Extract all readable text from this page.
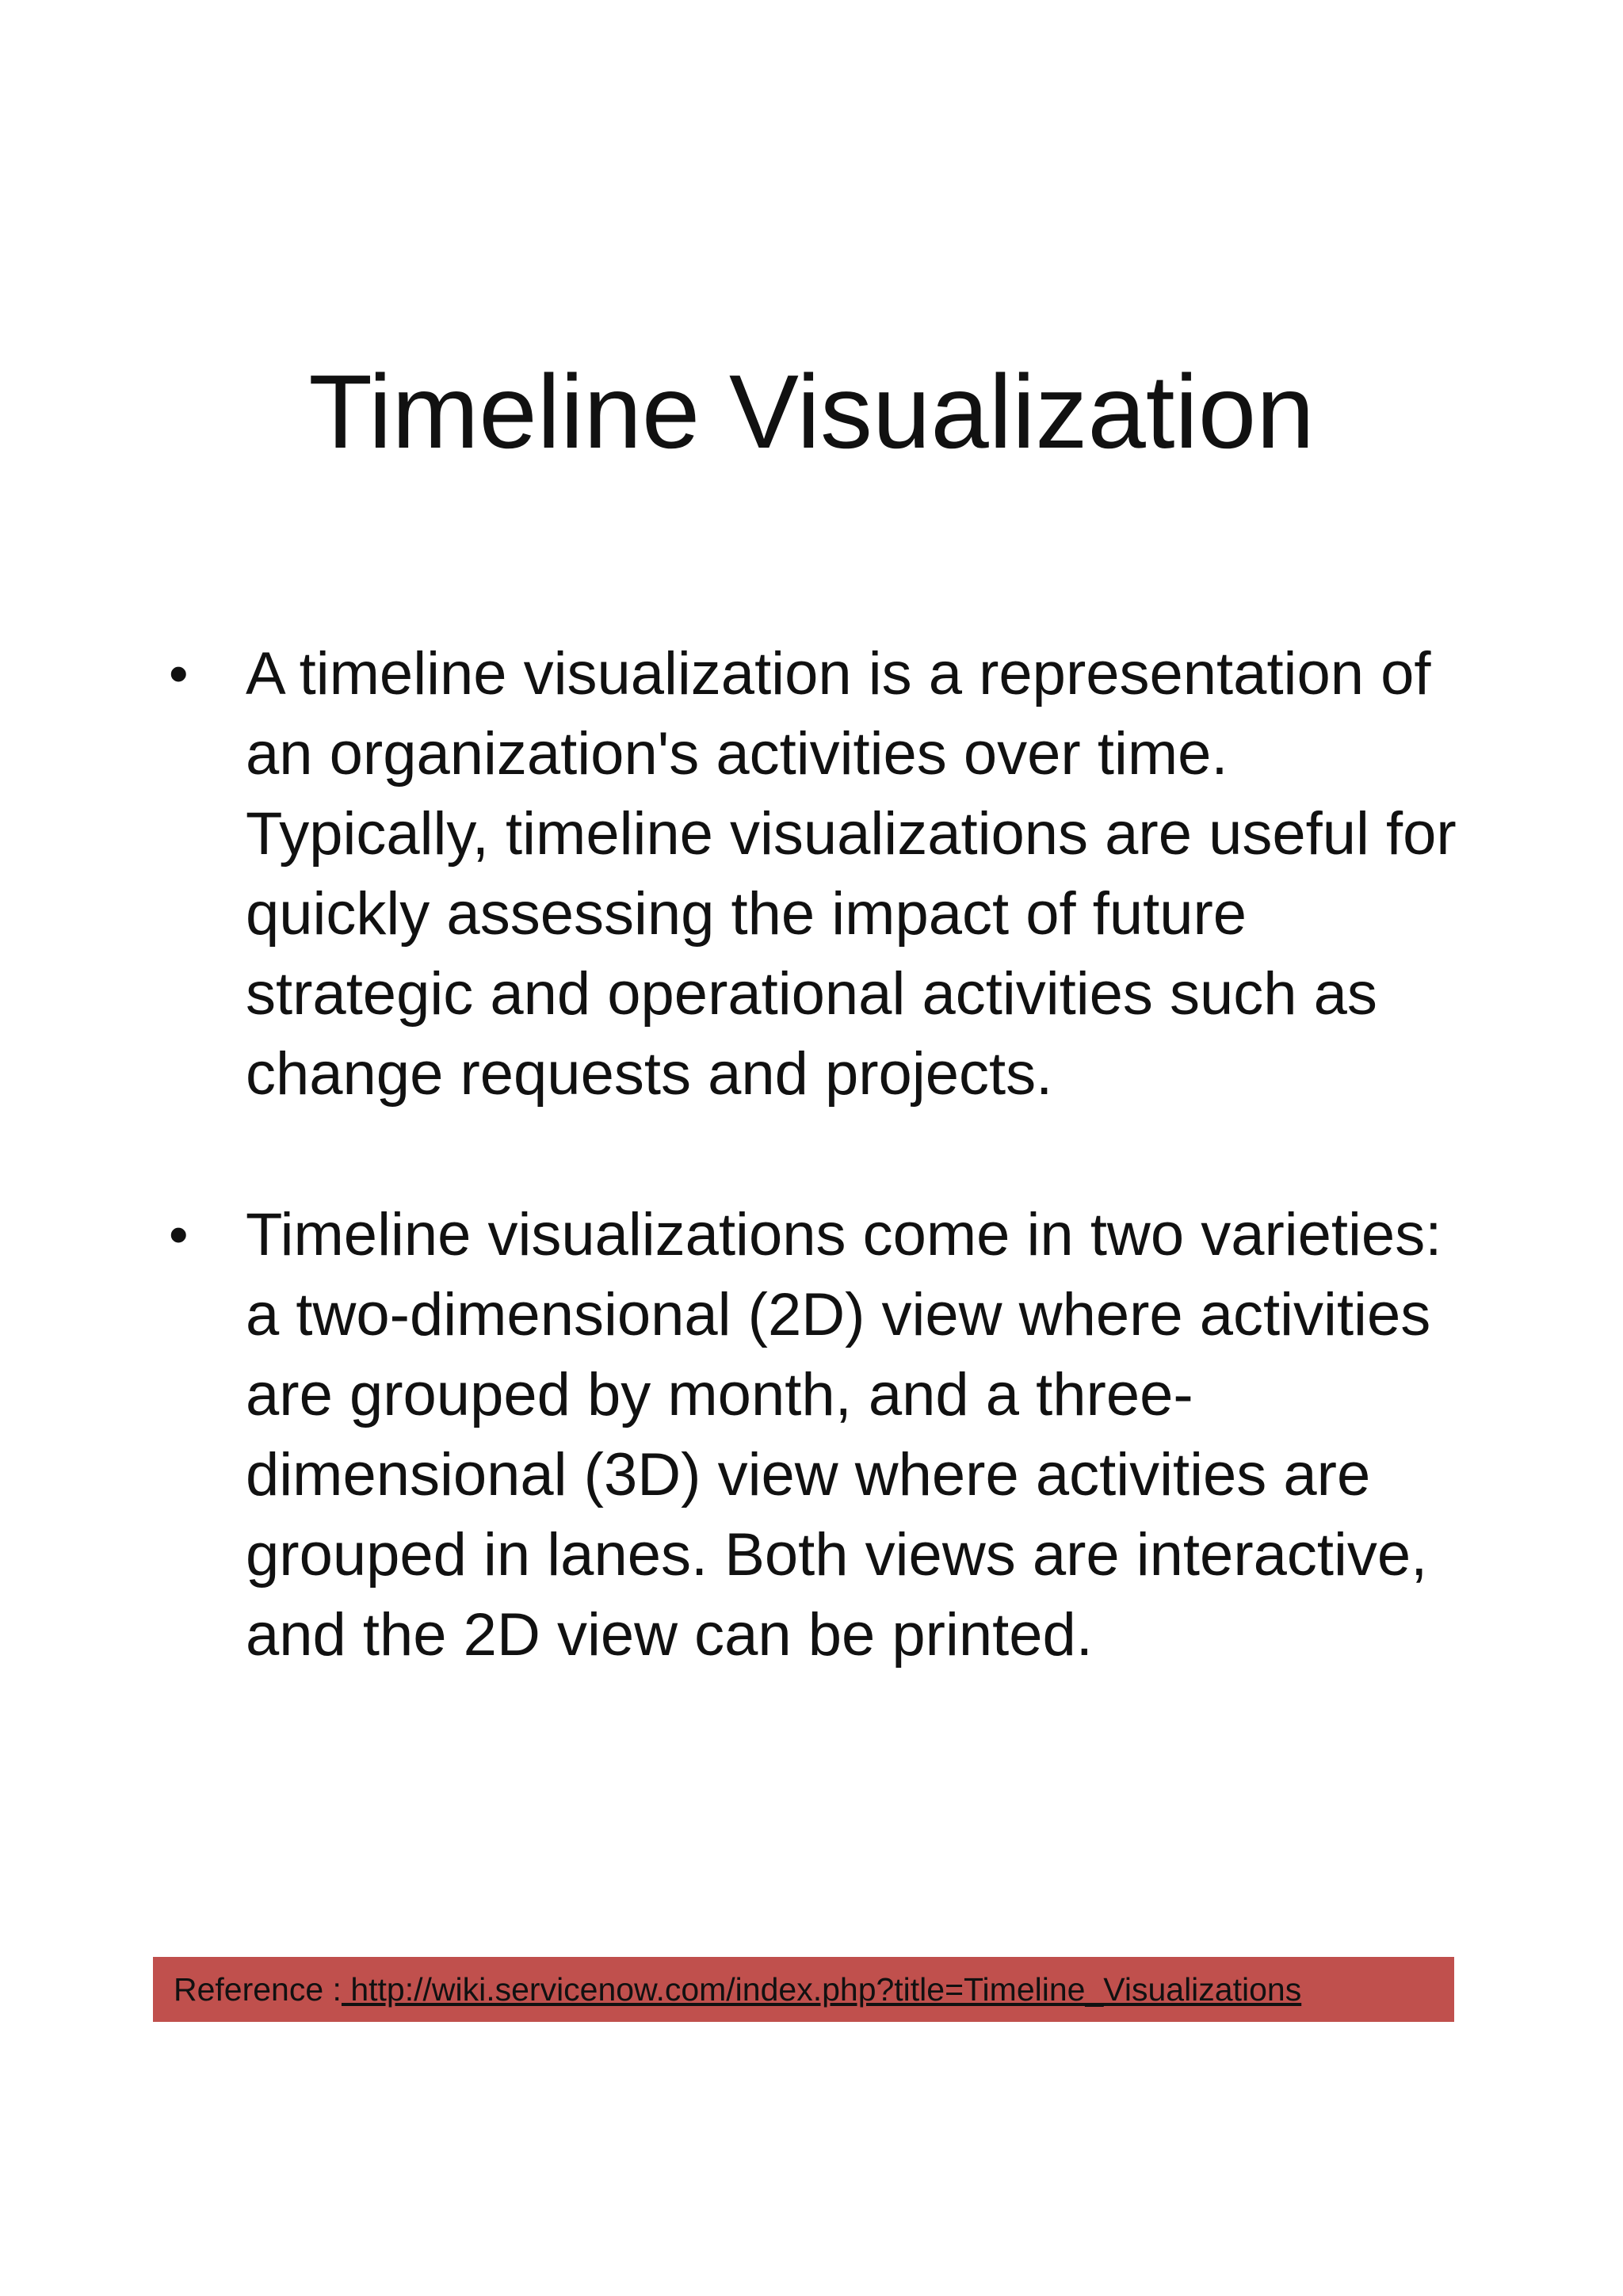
Timeline Visualization
• A timeline visualization is a representation of an organization's activities over time. Typically, timeline visualizations are useful for quickly assessing the impact of future strategic and operational activities such as change requests and projects.
• Timeline visualizations come in two varieties: a two-dimensional (2D) view where activities are grouped by month, and a three-dimensional (3D) view where activities are grouped in lanes. Both views are interactive, and the 2D view can be printed.
Reference : http://wiki.servicenow.com/index.php?title=Timeline_Visualizations
